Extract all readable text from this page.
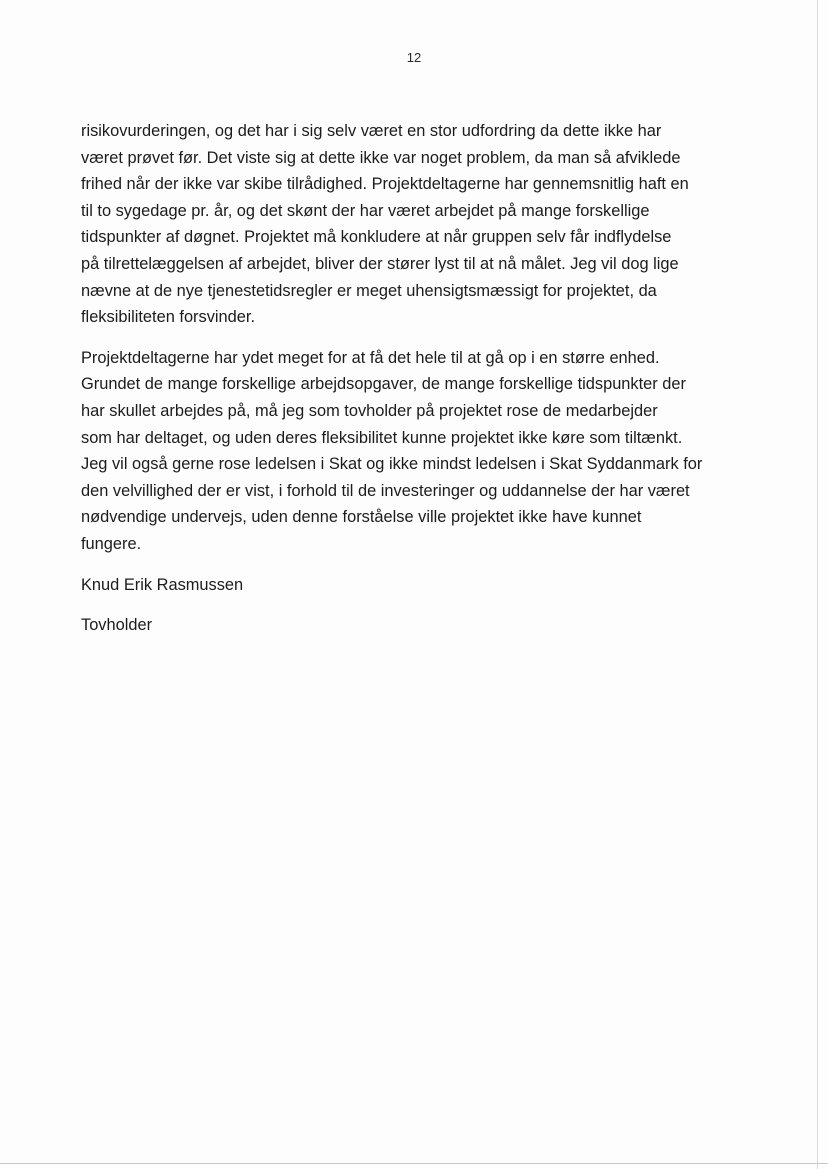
12
risikovurderingen, og det har i sig selv været en stor udfordring da dette ikke har
været prøvet før. Det viste sig at dette ikke var noget problem, da man så afviklede
frihed når der ikke var skibe tilrådighed. Projektdeltagerne har gennemsnitlig haft en
til to sygedage pr. år, og det skønt der har været arbejdet på mange forskellige
tidspunkter af døgnet. Projektet må konkludere at når gruppen selv får indflydelse
på tilrettelæggelsen af arbejdet, bliver der stører lyst til at nå målet. Jeg vil dog lige
nævne at de nye tjenestetidsregler er meget uhensigtsmæssigt for projektet, da
fleksibiliteten forsvinder.
Projektdeltagerne har ydet meget for at få det hele til at gå op i en større enhed.
Grundet de mange forskellige arbejdsopgaver, de mange forskellige tidspunkter der
har skullet arbejdes på, må jeg som tovholder på projektet rose de medarbejder
som har deltaget, og uden deres fleksibilitet kunne projektet ikke køre som tiltænkt.
Jeg vil også gerne rose ledelsen i Skat og ikke mindst ledelsen i Skat Syddanmark for
den velvillighed der er vist, i forhold til de investeringer og uddannelse der har været
nødvendige undervejs, uden denne forståelse ville projektet ikke have kunnet
fungere.
Knud Erik Rasmussen
Tovholder
